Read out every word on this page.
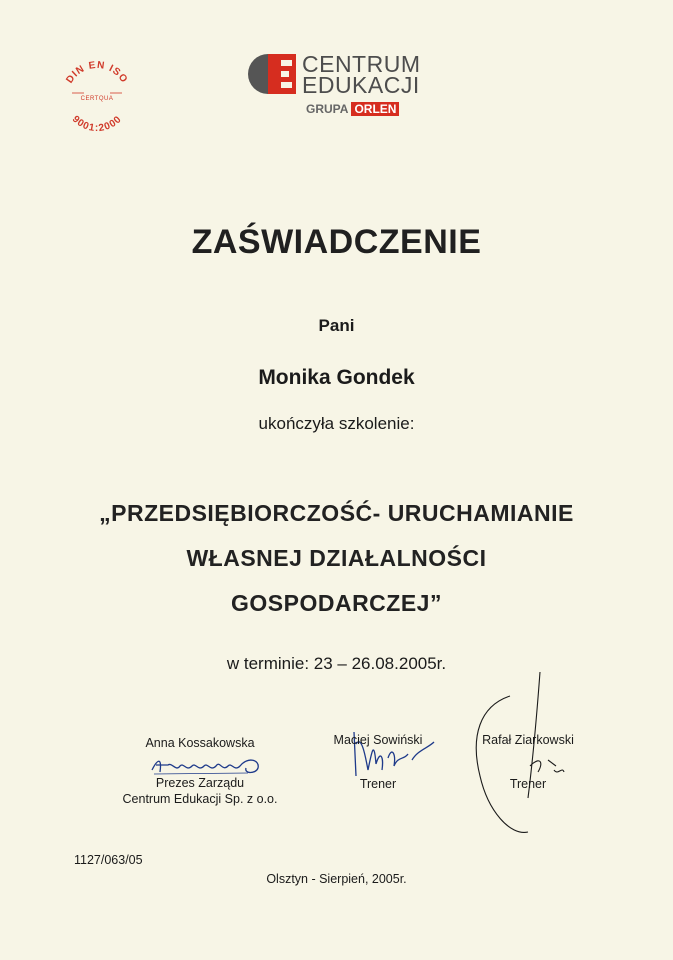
DIN EN ISO
CERTQUA
9001:2000
CENTRUM
EDUKACJI
GRUPA ORLEN
ZAŚWIADCZENIE
Pani
Monika Gondek
ukończyła szkolenie:
„PRZEDSIĘBIORCZOŚĆ- URUCHAMIANIE
WŁASNEJ DZIAŁALNOŚCI
GOSPODARCZEJ”
w terminie: 23 – 26.08.2005r.
Anna Kossakowska
Prezes Zarządu
Centrum Edukacji Sp. z o.o.
Maciej Sowiński
Trener
Rafał Ziarkowski
Trener
1127/063/05
Olsztyn - Sierpień, 2005r.
